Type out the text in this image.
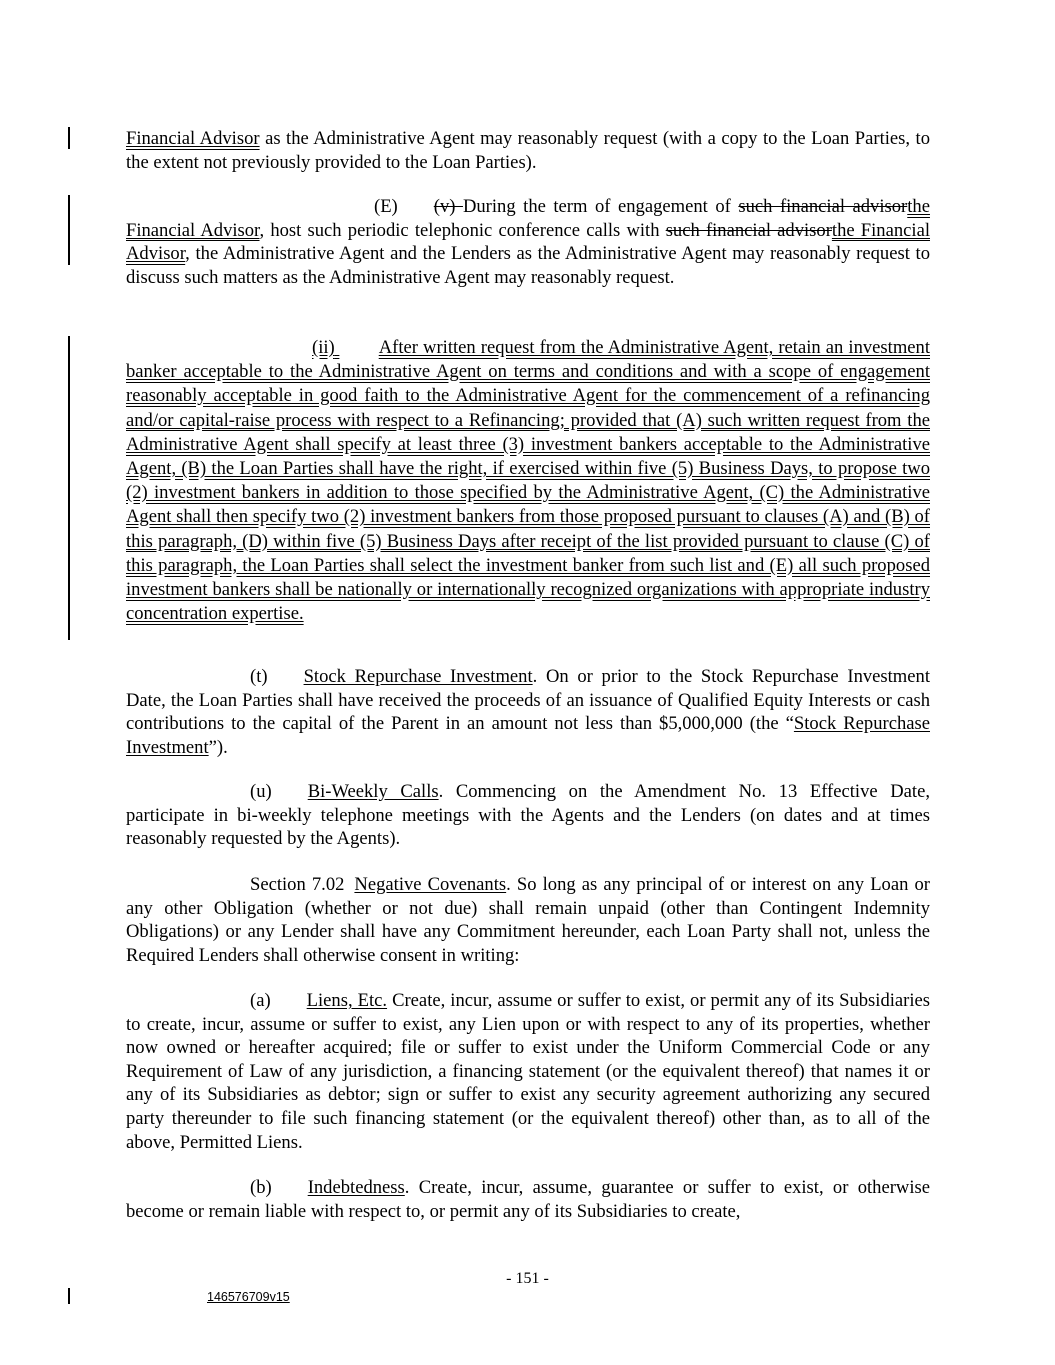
Financial Advisor as the Administrative Agent may reasonably request (with a copy to the Loan Parties, to the extent not previously provided to the Loan Parties).

(E) (v) During the term of engagement of such financial advisorthe Financial Advisor, host such periodic telephonic conference calls with such financial advisorthe Financial Advisor, the Administrative Agent and the Lenders as the Administrative Agent may reasonably request to discuss such matters as the Administrative Agent may reasonably request.

(ii) After written request from the Administrative Agent, retain an investment banker acceptable to the Administrative Agent on terms and conditions and with a scope of engagement reasonably acceptable in good faith to the Administrative Agent for the commencement of a refinancing and/or capital-raise process with respect to a Refinancing; provided that (A) such written request from the Administrative Agent shall specify at least three (3) investment bankers acceptable to the Administrative Agent, (B) the Loan Parties shall have the right, if exercised within five (5) Business Days, to propose two (2) investment bankers in addition to those specified by the Administrative Agent, (C) the Administrative Agent shall then specify two (2) investment bankers from those proposed pursuant to clauses (A) and (B) of this paragraph, (D) within five (5) Business Days after receipt of the list provided pursuant to clause (C) of this paragraph, the Loan Parties shall select the investment banker from such list and (E) all such proposed investment bankers shall be nationally or internationally recognized organizations with appropriate industry concentration expertise.

(t) Stock Repurchase Investment. On or prior to the Stock Repurchase Investment Date, the Loan Parties shall have received the proceeds of an issuance of Qualified Equity Interests or cash contributions to the capital of the Parent in an amount not less than $5,000,000 (the “Stock Repurchase Investment”).

(u) Bi-Weekly Calls. Commencing on the Amendment No. 13 Effective Date, participate in bi-weekly telephone meetings with the Agents and the Lenders (on dates and at times reasonably requested by the Agents).

Section 7.02 Negative Covenants. So long as any principal of or interest on any Loan or any other Obligation (whether or not due) shall remain unpaid (other than Contingent Indemnity Obligations) or any Lender shall have any Commitment hereunder, each Loan Party shall not, unless the Required Lenders shall otherwise consent in writing:

(a) Liens, Etc. Create, incur, assume or suffer to exist, or permit any of its Subsidiaries to create, incur, assume or suffer to exist, any Lien upon or with respect to any of its properties, whether now owned or hereafter acquired; file or suffer to exist under the Uniform Commercial Code or any Requirement of Law of any jurisdiction, a financing statement (or the equivalent thereof) that names it or any of its Subsidiaries as debtor; sign or suffer to exist any security agreement authorizing any secured party thereunder to file such financing statement (or the equivalent thereof) other than, as to all of the above, Permitted Liens.

(b) Indebtedness. Create, incur, assume, guarantee or suffer to exist, or otherwise become or remain liable with respect to, or permit any of its Subsidiaries to create,

- 151 -
146576709v15
